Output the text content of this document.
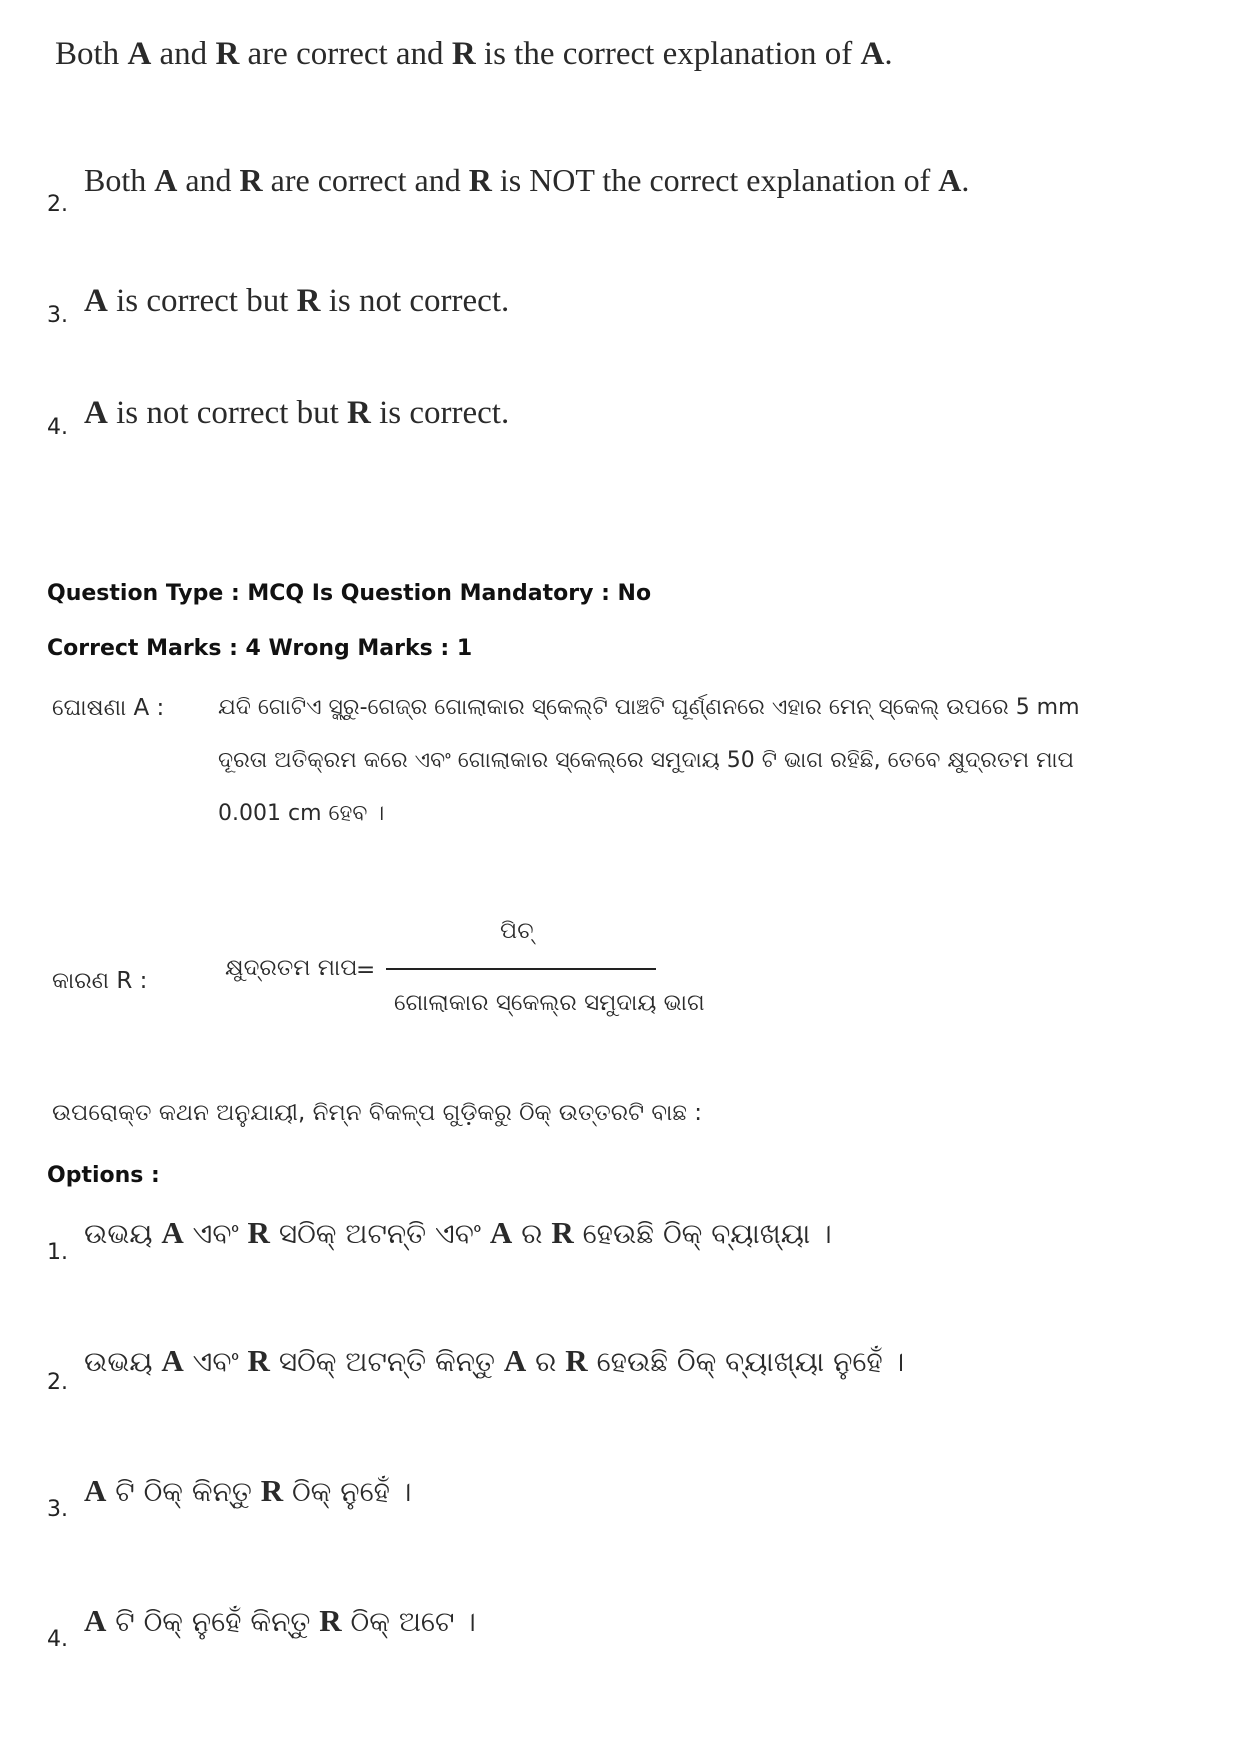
Both A and R are correct and R is the correct explanation of A.
2.
Both A and R are correct and R is NOT the correct explanation of A.
3. A is correct but R is not correct.
4. A is not correct but R is correct.
Question Type : MCQ Is Question Mandatory : No
Correct Marks : 4 Wrong Marks : 1
ଘୋଷଣା A : ଯଦି ଗୋଟିଏ ସ୍କ୍ରୁ-ଗେଜ୍‌ର ଗୋଲାକାର ସ୍କେଲ୍‌ଟି ପାଞ୍ଚଟି ଘୂର୍ଣ୍ଣନରେ ଏହାର ମେନ୍ ସ୍କେଲ୍ ଉପରେ 5 mm
ଦୂରତା ଅତିକ୍ରମ କରେ ଏବଂ ଗୋଲାକାର ସ୍କେଲ୍‌ରେ ସମୁଦାୟ 50 ଟି ଭାଗ ରହିଛି, ତେବେ କ୍ଷୁଦ୍ରତମ ମାପ
0.001 cm ହେବ ।
କାରଣ R :	କ୍ଷୁଦ୍ରତମ ମାପ
=
ପିଚ୍
ଗୋଲାକାର ସ୍କେଲ୍‌ର ସମୁଦାୟ ଭାଗ
ଉପରୋକ୍ତ କଥନ ଅନୁଯାୟୀ, ନିମ୍ନ ବିକଳ୍ପ ଗୁଡ଼ିକରୁ ଠିକ୍ ଉତ୍ତରଟି ବାଛ :
Options :
1.
ଉଭୟ A ଏବଂ R ସଠିକ୍ ଅଟନ୍ତି ଏବଂ A ର R ହେଉଛି ଠିକ୍ ବ୍ୟାଖ୍ୟା ।
2.
ଉଭୟ A ଏବଂ R ସଠିକ୍ ଅଟନ୍ତି କିନ୍ତୁ A ର R ହେଉଛି ଠିକ୍ ବ୍ୟାଖ୍ୟା ନୁହେଁ ।
3.
A ଟି ଠିକ୍ କିନ୍ତୁ R ଠିକ୍ ନୁହେଁ ।
4.
A ଟି ଠିକ୍ ନୁହେଁ କିନ୍ତୁ R ଠିକ୍ ଅଟେ ।
